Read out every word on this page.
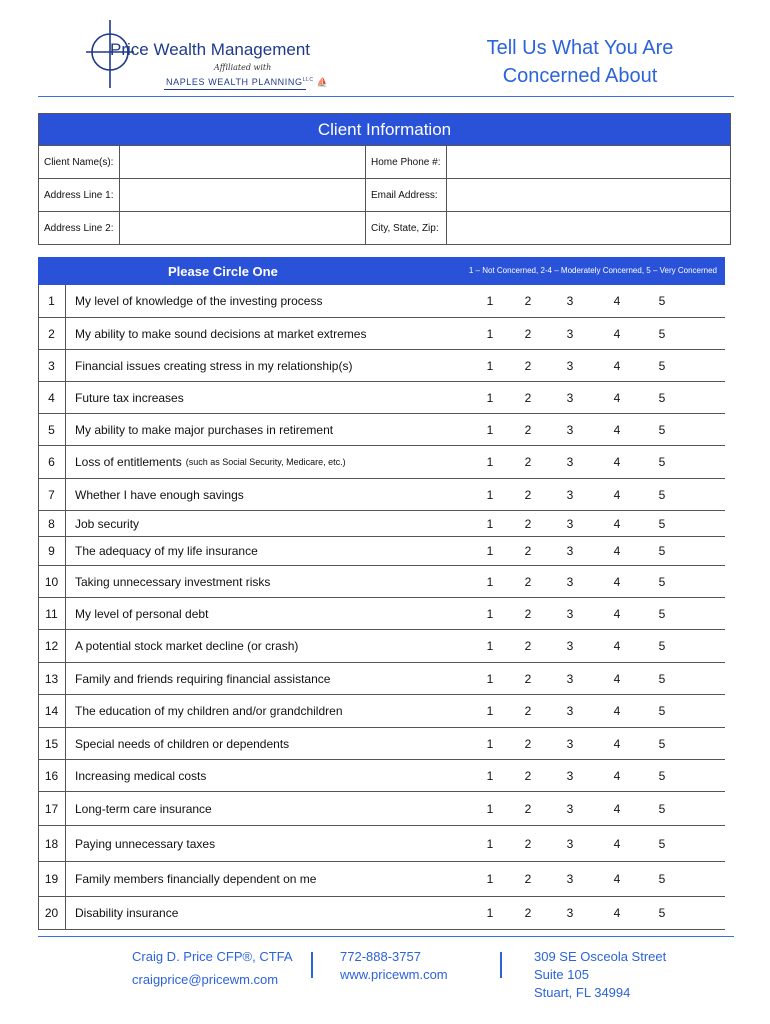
Price Wealth Management
Affiliated with
NAPLES WEALTH $PLANNING^{LLC}$ ⛵
Tell Us What You Are
Concerned About
Client Information			
Client Name(s):		Home Phone #:	
Address Line 1:		Email Address:	
Address Line 2:		City, State, Zip:	
Please Circle One	1 – Not Concerned, 2-4 – Moderately Concerned, 5 – Very Concerned
1	My level of knowledge of the investing process	1	2	3	4	5
2	My ability to make sound decisions at market extremes	1	2	3	4	5
3	Financial issues creating stress in my relationship(s)	1	2	3	4	5
4	Future tax increases	1	2	3	4	5
5	My ability to make major purchases in retirement	1	2	3	4	5
6	Loss of entitlements (such as Social Security, Medicare, etc.)	1	2	3	4	5
7	Whether I have enough savings	1	2	3	4	5
8	Job security	1	2	3	4	5
9	The adequacy of my life insurance	1	2	3	4	5
10	Taking unnecessary investment risks	1	2	3	4	5
11	My level of personal debt	1	2	3	4	5
12	A potential stock market decline (or crash)	1	2	3	4	5
13	Family and friends requiring financial assistance	1	2	3	4	5
14	The education of my children and/or grandchildren	1	2	3	4	5
15	Special needs of children or dependents	1	2	3	4	5
16	Increasing medical costs	1	2	3	4	5
17	Long-term care insurance	1	2	3	4	5
18	Paying unnecessary taxes	1	2	3	4	5
19	Family members financially dependent on me	1	2	3	4	5
20	Disability insurance	1	2	3	4	5
Craig D. Price CFP®, CTFA
craigprice@pricewm.com
772-888-3757
www.pricewm.com
309 SE Osceola Street
Suite 105
Stuart, FL 34994
